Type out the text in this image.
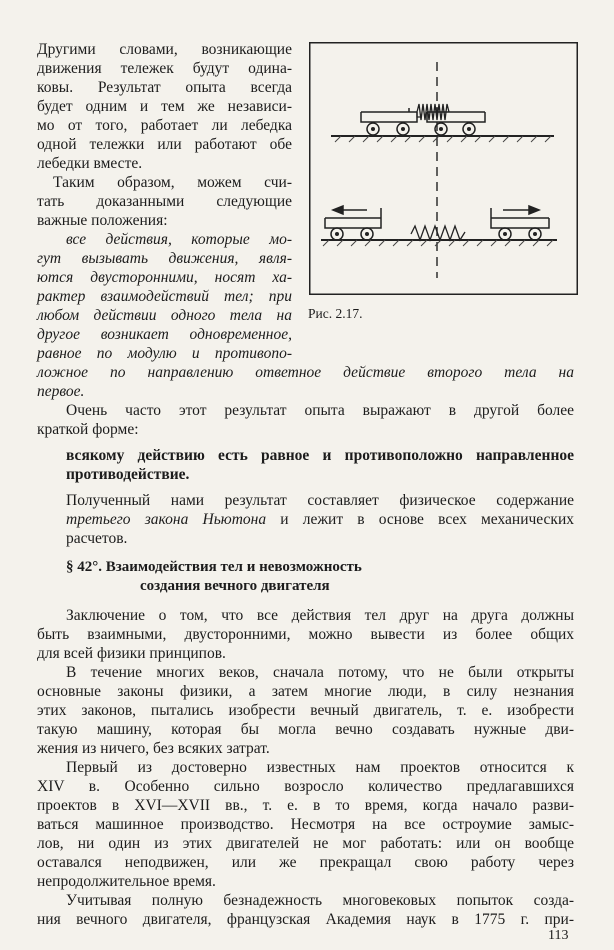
Другими словами, возникающие
движения тележек будут одина-
ковы. Результат опыта всегда
будет одним и тем же независи-
мо от того, работает ли лебедка
одной тележки или работают обе
лебедки вместе.
Таким образом, можем счи-
тать доказанными следующие
важные положения:
все действия, которые мо-
гут вызывать движения, явля-
ются двусторонними, носят ха-
рактер взаимодействий тел; при
любом действии одного тела на
другое возникает одновременное,
равное по модулю и противопо-
ложное по направлению ответное действие второго тела на
первое.
Рис. 2.17.
Очень часто этот результат опыта выражают в другой более
краткой форме:
всякому действию есть равное и противоположно направленное
противодействие.
Полученный нами результат составляет физическое содержание
третьего закона Ньютона и лежит в основе всех механических
расчетов.
§ 42°. Взаимодействия тел и невозможность
создания вечного двигателя
Заключение о том, что все действия тел друг на друга должны
быть взаимными, двусторонними, можно вывести из более общих
для всей физики принципов.
В течение многих веков, сначала потому, что не были открыты
основные законы физики, а затем многие люди, в силу незнания
этих законов, пытались изобрести вечный двигатель, т. е. изобрести
такую машину, которая бы могла вечно создавать нужные дви-
жения из ничего, без всяких затрат.
Первый из достоверно известных нам проектов относится к
XIV в. Особенно сильно возросло количество предлагавшихся
проектов в XVI—XVII вв., т. е. в то время, когда начало разви-
ваться машинное производство. Несмотря на все остроумие замыс-
лов, ни один из этих двигателей не мог работать: или он вообще
оставался неподвижен, или же прекращал свою работу через
непродолжительное время.
Учитывая полную безнадежность многовековых попыток созда-
ния вечного двигателя, французская Академия наук в 1775 г. при-
113
